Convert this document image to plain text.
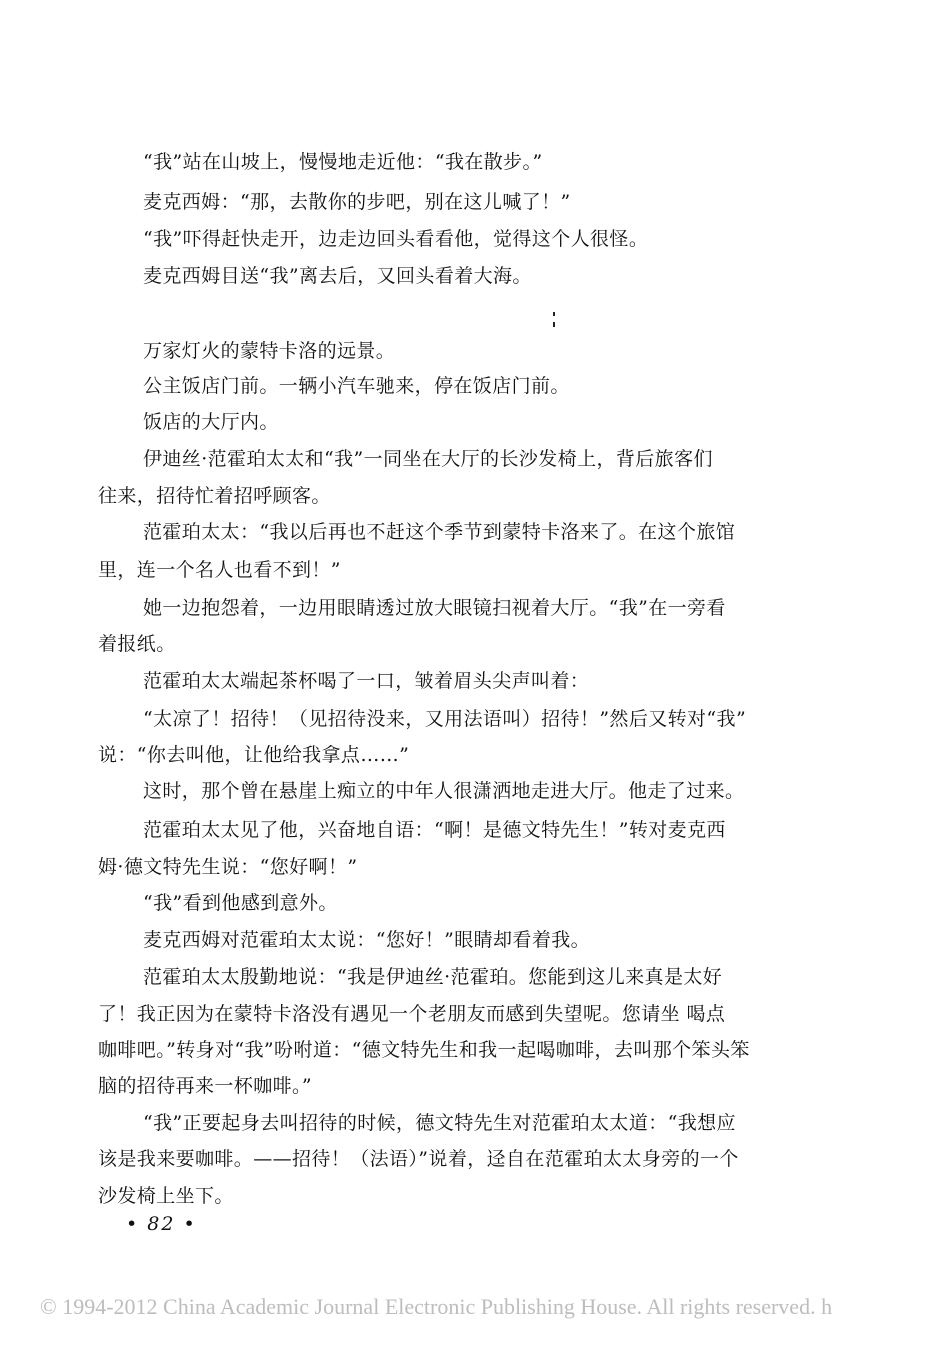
“我”站在山坡上，慢慢地走近他：“我在散步。”
麦克西姆：“那，去散你的步吧，别在这儿喊了！”
“我”吓得赶快走开，边走边回头看看他，觉得这个人很怪。
麦克西姆目送“我”离去后，又回头看着大海。
万家灯火的蒙特卡洛的远景。
公主饭店门前。一辆小汽车驰来，停在饭店门前。
饭店的大厅内。
伊迪丝·范霍珀太太和“我”一同坐在大厅的长沙发椅上，背后旅客们
往来，招待忙着招呼顾客。
范霍珀太太：“我以后再也不赶这个季节到蒙特卡洛来了。在这个旅馆
里，连一个名人也看不到！”
她一边抱怨着，一边用眼睛透过放大眼镜扫视着大厅。“我”在一旁看
着报纸。
范霍珀太太端起茶杯喝了一口，皱着眉头尖声叫着：
“太凉了！招待！（见招待没来，又用法语叫）招待！”然后又转对“我”
说：“你去叫他，让他给我拿点……”
这时，那个曾在悬崖上痴立的中年人很潇洒地走进大厅。他走了过来。
范霍珀太太见了他，兴奋地自语：“啊！是德文特先生！”转对麦克西
姆·德文特先生说：“您好啊！”
“我”看到他感到意外。
麦克西姆对范霍珀太太说：“您好！”眼睛却看着我。
范霍珀太太殷勤地说：“我是伊迪丝·范霍珀。您能到这儿来真是太好
了！我正因为在蒙特卡洛没有遇见一个老朋友而感到失望呢。您请坐 喝点
咖啡吧。”转身对“我”吩咐道：“德文特先生和我一起喝咖啡，去叫那个笨头笨
脑的招待再来一杯咖啡。”
“我”正要起身去叫招待的时候，德文特先生对范霍珀太太道：“我想应
该是我来要咖啡。——招待！（法语）”说着，迳自在范霍珀太太身旁的一个
沙发椅上坐下。
• 82 •
© 1994-2012 China Academic Journal Electronic Publishing House. All rights reserved. h
